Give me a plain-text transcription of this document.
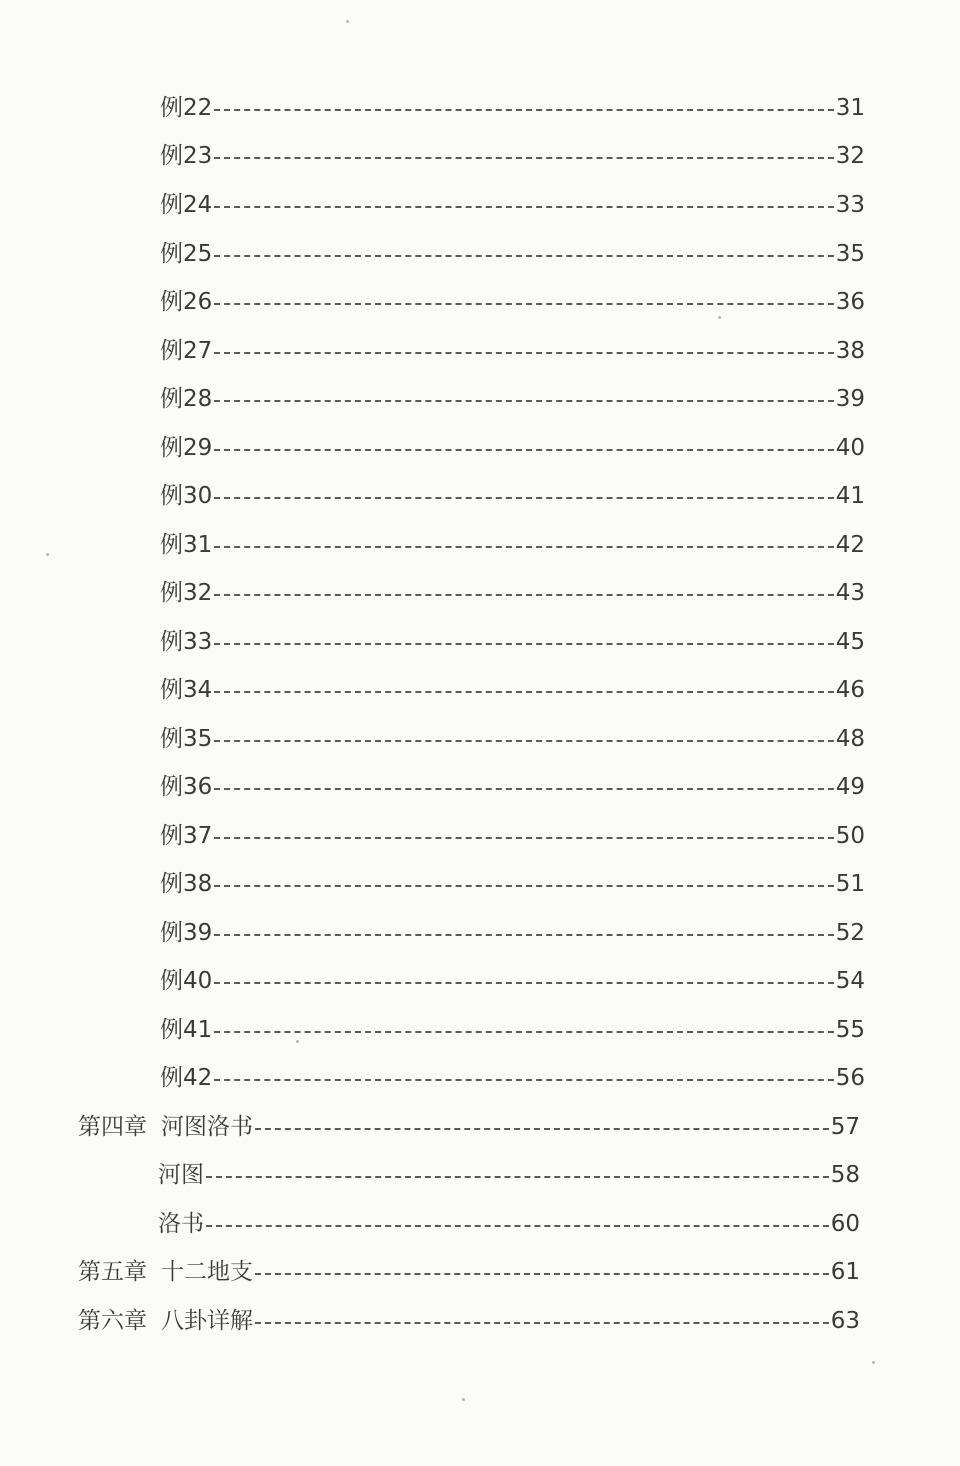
例22	31
例23	32
例24	33
例25	35
例26	36
例27	38
例28	39
例29	40
例30	41
例31	42
例32	43
例33	45
例34	46
例35	48
例36	49
例37	50
例38	51
例39	52
例40	54
例41	55
例42	56
第四章 河图洛书	57
河图	58
洛书	60
第五章 十二地支	61
第六章 八卦详解	63
